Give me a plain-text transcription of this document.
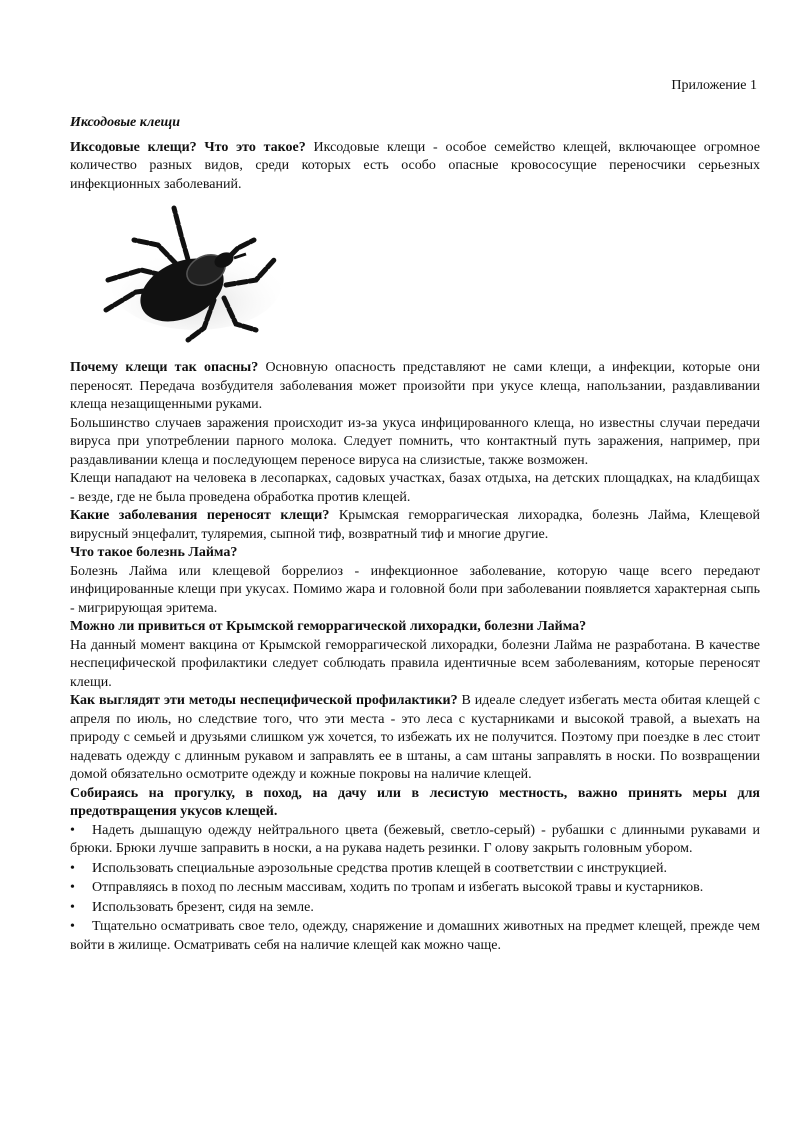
Приложение 1

Иксодовые клещи

Иксодовые клещи? Что это такое? Иксодовые клещи - особое семейство клещей, включающее огромное количество разных видов, среди которых есть особо опасные кровососущие переносчики серьезных инфекционных заболеваний.

Почему клещи так опасны? Основную опасность представляют не сами клещи, а инфекции, которые они переносят. Передача возбудителя заболевания может произойти при укусе клеща, напользании, раздавливании клеща незащищенными руками.

Большинство случаев заражения происходит из-за укуса инфицированного клеща, но известны случаи передачи вируса при употреблении парного молока. Следует помнить, что контактный путь заражения, например, при раздавливании клеща и последующем переносе вируса на слизистые, также возможен.

Клещи нападают на человека в лесопарках, садовых участках, базах отдыха, на детских площадках, на кладбищах - везде, где не была проведена обработка против клещей.

Какие заболевания переносят клещи? Крымская геморрагическая лихорадка, болезнь Лайма, Клещевой вирусный энцефалит, туляремия, сыпной тиф, возвратный тиф и многие другие.

Что такое болезнь Лайма?

Болезнь Лайма или клещевой боррелиоз - инфекционное заболевание, которую чаще всего передают инфицированные клещи при укусах. Помимо жара и головной боли при заболевании появляется характерная сыпь - мигрирующая эритема.

Можно ли привиться от Крымской геморрагической лихорадки, болезни Лайма?

На данный момент вакцина от Крымской геморрагической лихорадки, болезни Лайма не разработана. В качестве неспецифической профилактики следует соблюдать правила идентичные всем заболеваниям, которые переносят клещи.

Как выглядят эти методы неспецифической профилактики? В идеале следует избегать места обитая клещей с апреля по июль, но следствие того, что эти места - это леса с кустарниками и высокой травой, а выехать на природу с семьей и друзьями слишком уж хочется, то избежать их не получится. Поэтому при поездке в лес стоит надевать одежду с длинным рукавом и заправлять ее в штаны, а сам штаны заправлять в носки. По возвращении домой обязательно осмотрите одежду и кожные покровы на наличие клещей.

Собираясь на прогулку, в поход, на дачу или в лесистую местность, важно принять меры для предотвращения укусов клещей.

• Надеть дышащую одежду нейтрального цвета (бежевый, светло-серый) - рубашки с длинными рукавами и брюки. Брюки лучше заправить в носки, а на рукава надеть резинки. Г олову закрыть головным убором.

• Использовать специальные аэрозольные средства против клещей в соответствии с инструкцией.

• Отправляясь в поход по лесным массивам, ходить по тропам и избегать высокой травы и кустарников.

• Использовать брезент, сидя на земле.

• Тщательно осматривать свое тело, одежду, снаряжение и домашних животных на предмет клещей, прежде чем войти в жилище. Осматривать себя на наличие клещей как можно чаще.
